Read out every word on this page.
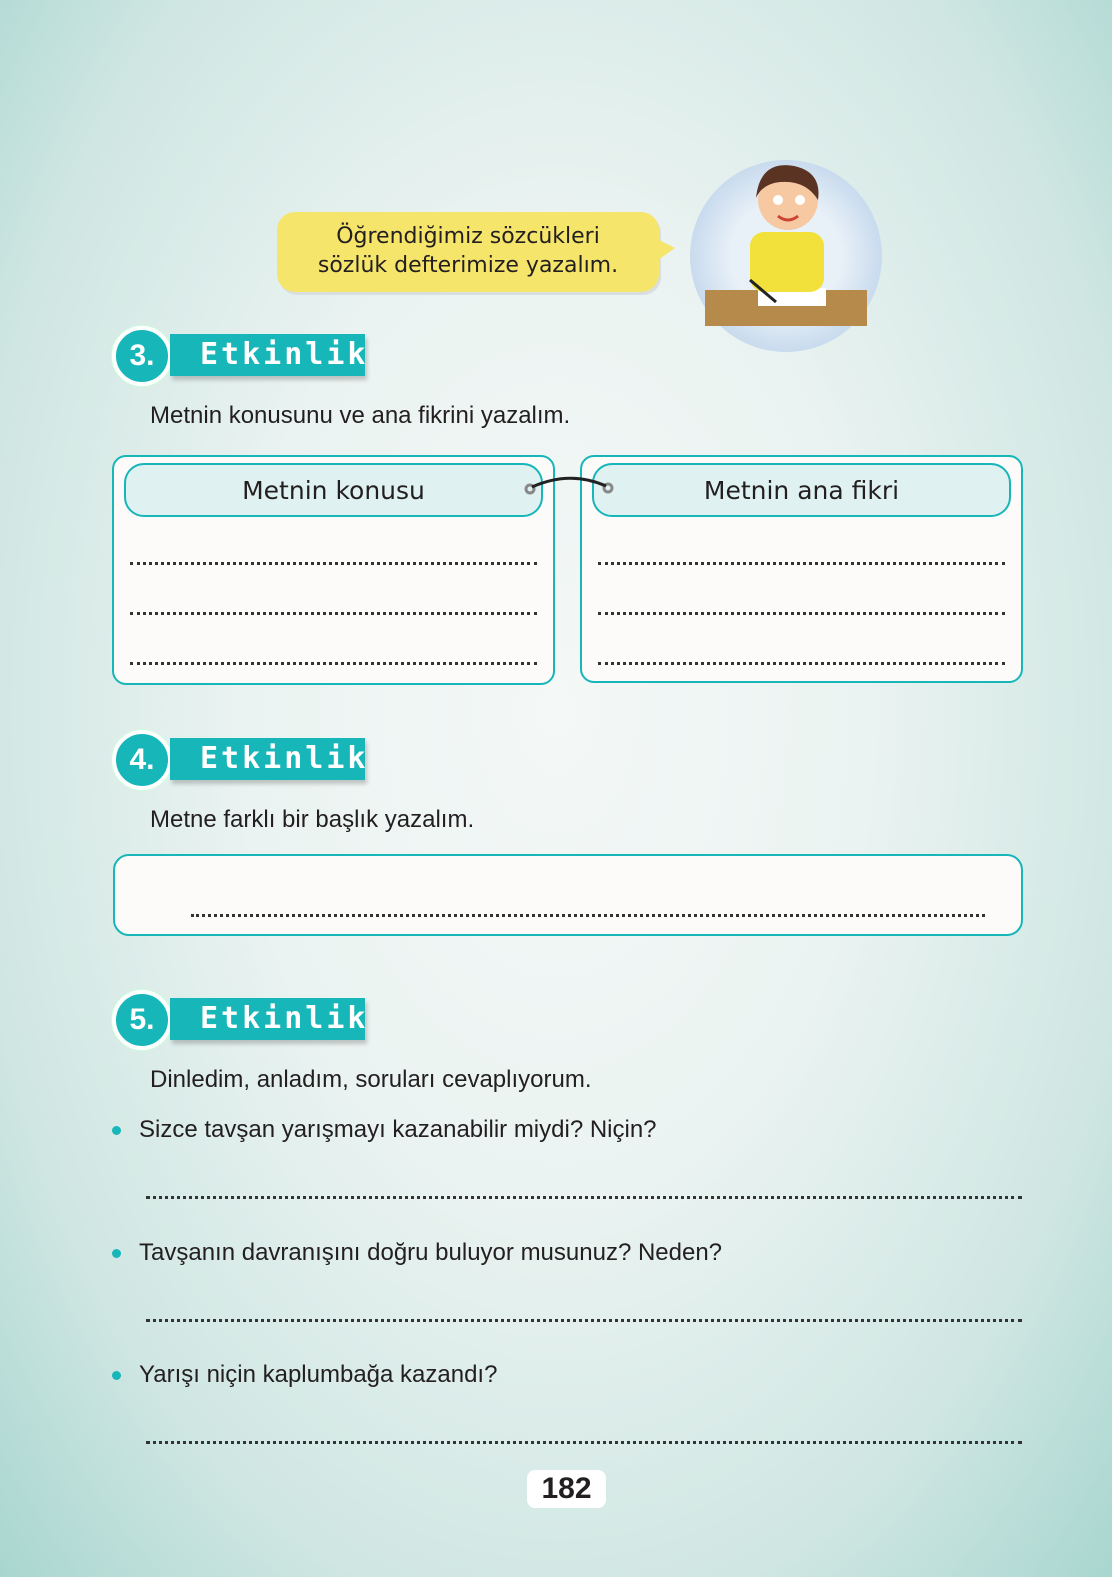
Öğrendiğimiz sözcükleri
sözlük defterimize yazalım.
3.	Etkinlik
Metnin konusunu ve ana fikrini yazalım.
Metnin konusu	Metnin ana fikri
4.	Etkinlik
Metne farklı bir başlık yazalım.
5.	Etkinlik
Dinledim, anladım, soruları cevaplıyorum.
Sizce tavşan yarışmayı kazanabilir miydi? Niçin?
Tavşanın davranışını doğru buluyor musunuz? Neden?
Yarışı niçin kaplumbağa kazandı?
182
